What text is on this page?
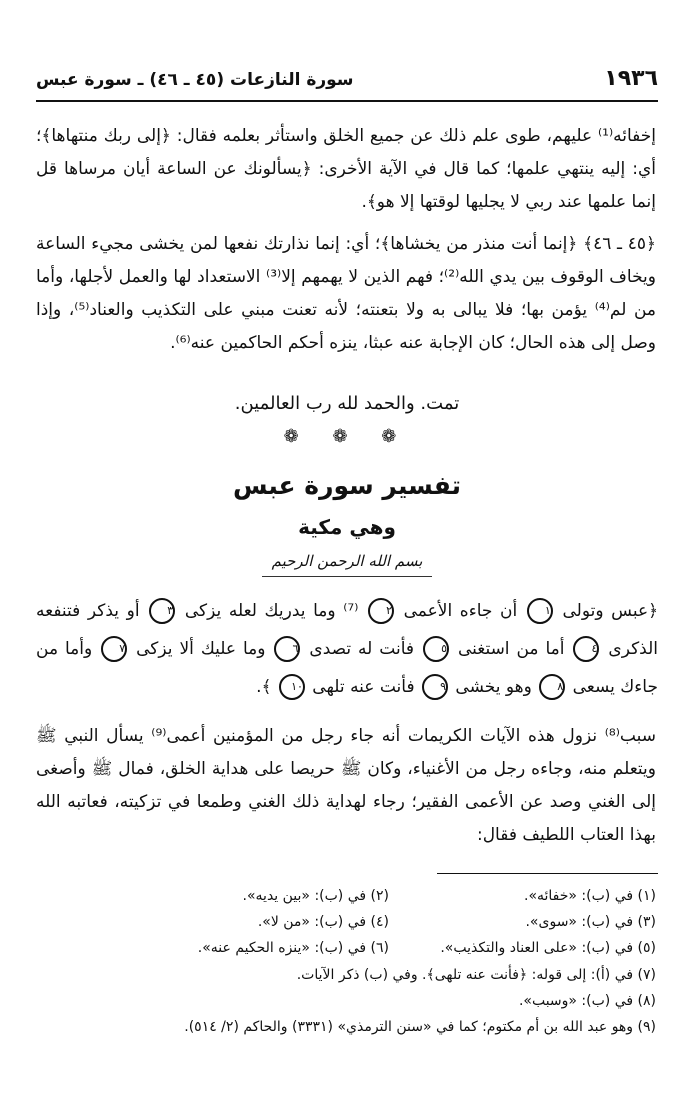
١٩٣٦
سورة النازعات (٤٥ ـ ٤٦) ـ سورة عبس
إخفائه⁽¹⁾ عليهم، طوى علم ذلك عن جميع الخلق واستأثر بعلمه فقال: ﴿إلى ربك منتهاها﴾؛ أي: إليه ينتهي علمها؛ كما قال في الآية الأخرى: ﴿يسألونك عن الساعة أيان مرساها قل إنما علمها عند ربي لا يجليها لوقتها إلا هو﴾.
﴿٤٥ ـ ٤٦﴾ ﴿إنما أنت منذر من يخشاها﴾؛ أي: إنما نذارتك نفعها لمن يخشى مجيء الساعة ويخاف الوقوف بين يدي الله⁽²⁾؛ فهم الذين لا يهمهم إلا⁽³⁾ الاستعداد لها والعمل لأجلها، وأما من لم⁽⁴⁾ يؤمن بها؛ فلا يبالى به ولا بتعنته؛ لأنه تعنت مبني على التكذيب والعناد⁽⁵⁾، وإذا وصل إلى هذه الحال؛ كان الإجابة عنه عبثا، ينزه أحكم الحاكمين عنه⁽⁶⁾.
تمت. والحمد لله رب العالمين.
❁ ❁ ❁
تفسير سورة عبس
وهي مكية
بسم الله الرحمن الرحيم
﴿عبس وتولى ١ أن جاءه الأعمى ٢ ⁽⁷⁾ وما يدريك لعله يزكى ٣ أو يذكر فتنفعه الذكرى ٤ أما من استغنى ٥ فأنت له تصدى ٦ وما عليك ألا يزكى ٧ وأما من جاءك يسعى ٨ وهو يخشى ٩ فأنت عنه تلهى ١٠ ﴾.
سبب⁽⁸⁾ نزول هذه الآيات الكريمات أنه جاء رجل من المؤمنين أعمى⁽⁹⁾ يسأل النبي ﷺ ويتعلم منه، وجاءه رجل من الأغنياء، وكان ﷺ حريصا على هداية الخلق، فمال ﷺ وأصغى إلى الغني وصد عن الأعمى الفقير؛ رجاء لهداية ذلك الغني وطمعا في تزكيته، فعاتبه الله بهذا العتاب اللطيف فقال:
(١) في (ب): «خفائه».
(٢) في (ب): «بين يديه».
(٣) في (ب): «سوى».
(٤) في (ب): «من لا».
(٥) في (ب): «على العناد والتكذيب».
(٦) في (ب): «ينزه الحكيم عنه».
(٧) في (أ): إلى قوله: ﴿فأنت عنه تلهى﴾. وفي (ب) ذكر الآيات.
(٨) في (ب): «وسبب».
(٩) وهو عبد الله بن أم مكتوم؛ كما في «سنن الترمذي» (٣٣٣١) والحاكم (٢/ ٥١٤).
